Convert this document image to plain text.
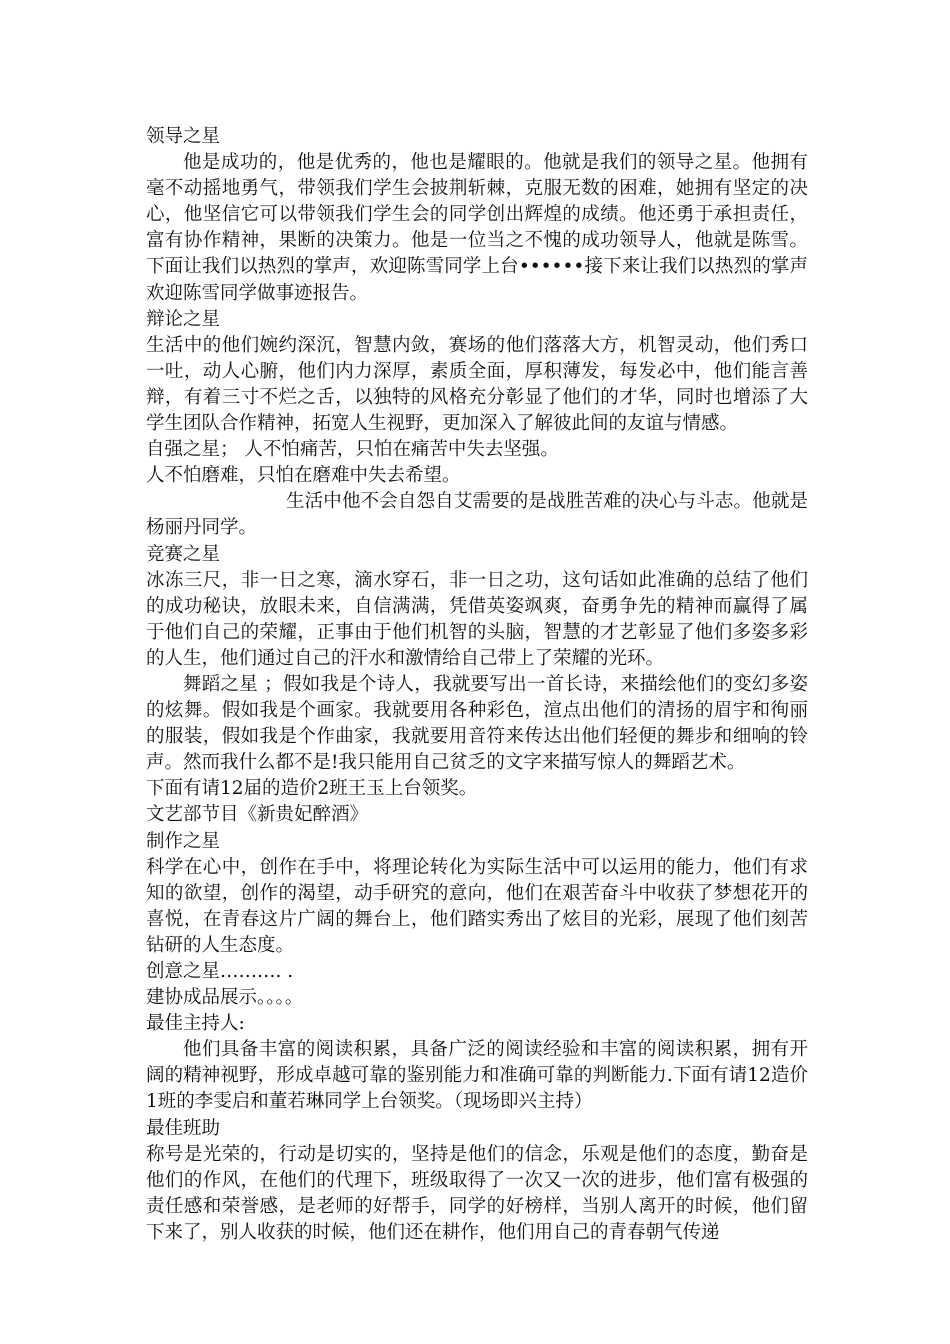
领导之星

他是成功的，他是优秀的，他也是耀眼的。他就是我们的领导之星。他拥有毫不动摇地勇气，带领我们学生会披荆斩棘，克服无数的困难，她拥有坚定的决心，他坚信它可以带领我们学生会的同学创出辉煌的成绩。他还勇于承担责任，富有协作精神，果断的决策力。他是一位当之不愧的成功领导人，他就是陈雪。下面让我们以热烈的掌声，欢迎陈雪同学上台••••••接下来让我们以热烈的掌声欢迎陈雪同学做事迹报告。

辩论之星

生活中的他们婉约深沉，智慧内敛，赛场的他们落落大方，机智灵动，他们秀口一吐，动人心腑，他们内力深厚，素质全面，厚积薄发，每发必中，他们能言善辩，有着三寸不烂之舌，以独特的风格充分彰显了他们的才华，同时也增添了大学生团队合作精神，拓宽人生视野，更加深入了解彼此间的友谊与情感。

自强之星； 人不怕痛苦，只怕在痛苦中失去坚强。

人不怕磨难，只怕在磨难中失去希望。

生活中他不会自怨自艾需要的是战胜苦难的决心与斗志。他就是杨丽丹同学。

竞赛之星

冰冻三尺，非一日之寒，滴水穿石，非一日之功，这句话如此准确的总结了他们的成功秘诀，放眼未来，自信满满，凭借英姿飒爽，奋勇争先的精神而赢得了属于他们自己的荣耀，正事由于他们机智的头脑，智慧的才艺彰显了他们多姿多彩的人生，他们通过自己的汗水和激情给自己带上了荣耀的光环。

舞蹈之星 ；假如我是个诗人，我就要写出一首长诗，来描绘他们的变幻多姿的炫舞。假如我是个画家。我就要用各种彩色，渲点出他们的清扬的眉宇和徇丽的服装，假如我是个作曲家，我就要用音符来传达出他们轻便的舞步和细响的铃声。然而我什么都不是!我只能用自己贫乏的文字来描写惊人的舞蹈艺术。

下面有请12届的造价2班王玉上台领奖。

文艺部节目《新贵妃醉酒》

制作之星

科学在心中，创作在手中，将理论转化为实际生活中可以运用的能力，他们有求知的欲望，创作的渴望，动手研究的意向，他们在艰苦奋斗中收获了梦想花开的喜悦，在青春这片广阔的舞台上，他们踏实秀出了炫目的光彩，展现了他们刻苦钻研的人生态度。

创意之星………. .

建协成品展示。。。。

最佳主持人:

他们具备丰富的阅读积累，具备广泛的阅读经验和丰富的阅读积累，拥有开阔的精神视野，形成卓越可靠的鉴别能力和准确可靠的判断能力.下面有请12造价1班的李雯启和董若琳同学上台领奖。（现场即兴主持）

最佳班助

称号是光荣的，行动是切实的，坚持是他们的信念，乐观是他们的态度，勤奋是他们的作风，在他们的代理下，班级取得了一次又一次的进步，他们富有极强的责任感和荣誉感，是老师的好帮手，同学的好榜样，当别人离开的时候，他们留下来了，别人收获的时候，他们还在耕作，他们用自己的青春朝气传递
